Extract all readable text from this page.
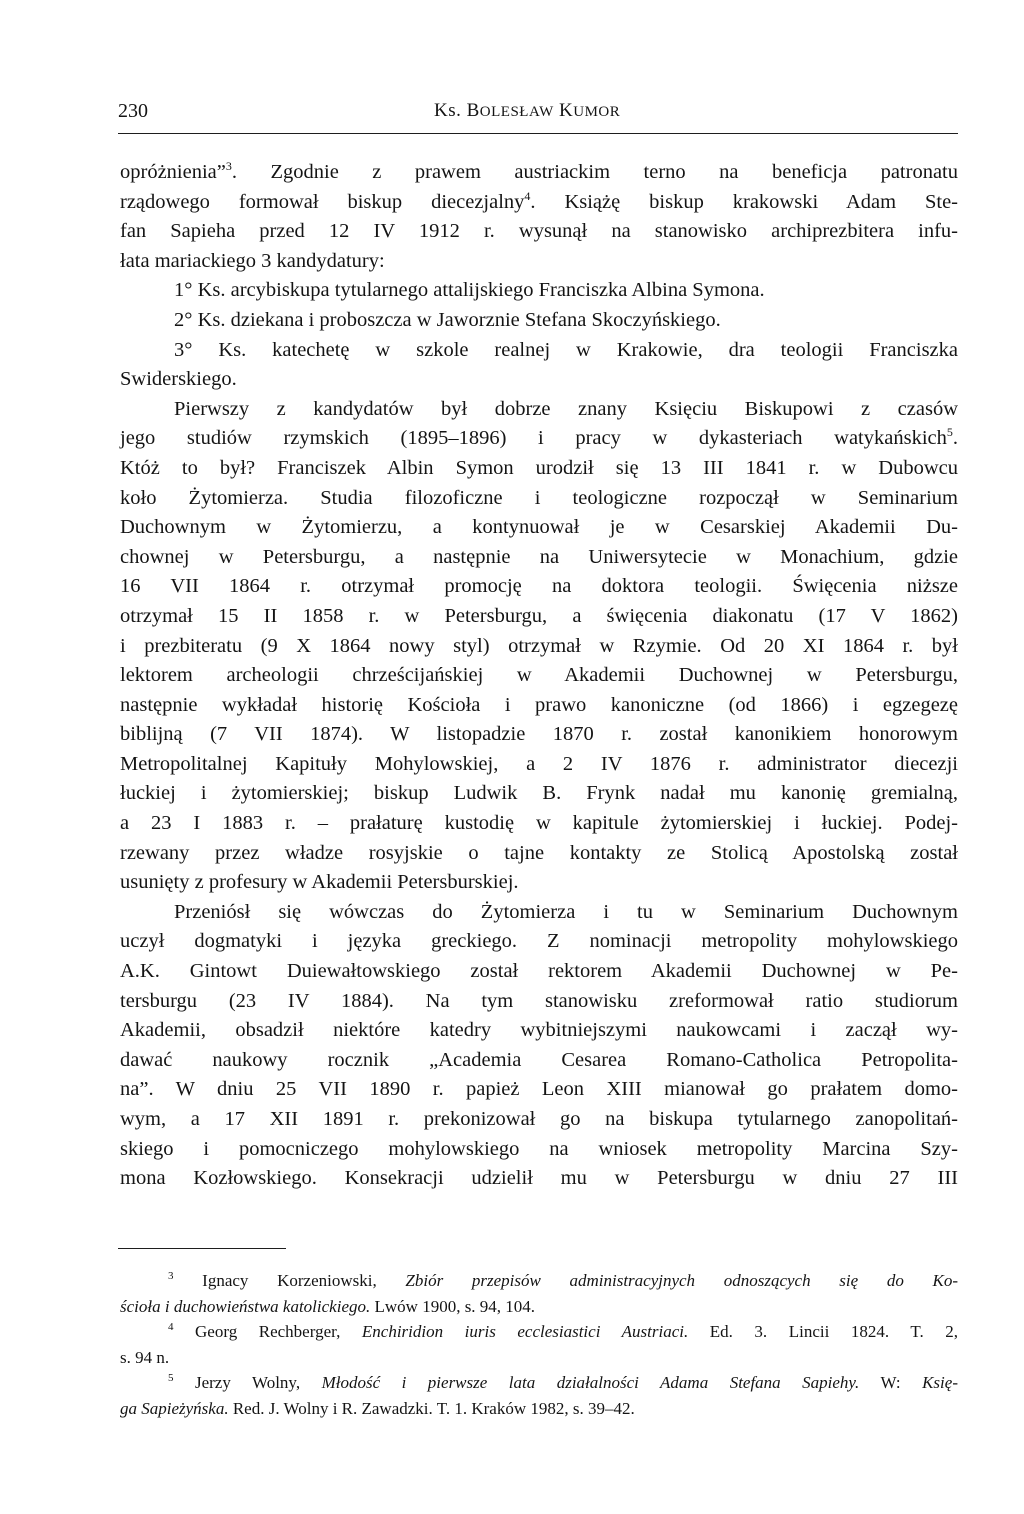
230	Ks. BOLESŁAW KUMOR
opróżnienia”$^3$. Zgodnie z prawem austriackim terno na beneficja patronatu
rządowego formował biskup diecezjalny$^4$. Książę biskup krakowski Adam Ste-
fan Sapieha przed 12 IV 1912 r. wysunął na stanowisko archiprezbitera infu-
łata mariackiego 3 kandydatury:
1° Ks. arcybiskupa tytularnego attalijskiego Franciszka Albina Symona.
2° Ks. dziekana i proboszcza w Jaworznie Stefana Skoczyńskiego.
3° Ks. katechetę w szkole realnej w Krakowie, dra teologii Franciszka
Swiderskiego.
Pierwszy z kandydatów był dobrze znany Księciu Biskupowi z czasów
jego studiów rzymskich (1895–1896) i pracy w dykasteriach watykańskich$^5$.
Któż to był? Franciszek Albin Symon urodził się 13 III 1841 r. w Dubowcu
koło Żytomierza. Studia filozoficzne i teologiczne rozpoczął w Seminarium
Duchownym w Żytomierzu, a kontynuował je w Cesarskiej Akademii Du-
chownej w Petersburgu, a następnie na Uniwersytecie w Monachium, gdzie
16 VII 1864 r. otrzymał promocję na doktora teologii. Święcenia niższe
otrzymał 15 II 1858 r. w Petersburgu, a święcenia diakonatu (17 V 1862)
i prezbiteratu (9 X 1864 nowy styl) otrzymał w Rzymie. Od 20 XI 1864 r. był
lektorem archeologii chrześcijańskiej w Akademii Duchownej w Petersburgu,
następnie wykładał historię Kościoła i prawo kanoniczne (od 1866) i egzegezę
biblijną (7 VII 1874). W listopadzie 1870 r. został kanonikiem honorowym
Metropolitalnej Kapituły Mohylowskiej, a 2 IV 1876 r. administrator diecezji
łuckiej i żytomierskiej; biskup Ludwik B. Frynk nadał mu kanonię gremialną,
a 23 I 1883 r. – prałaturę kustodię w kapitule żytomierskiej i łuckiej. Podej-
rzewany przez władze rosyjskie o tajne kontakty ze Stolicą Apostolską został
usunięty z profesury w Akademii Petersburskiej.
Przeniósł się wówczas do Żytomierza i tu w Seminarium Duchownym
uczył dogmatyki i języka greckiego. Z nominacji metropolity mohylowskiego
A.K. Gintowt Duiewałtowskiego został rektorem Akademii Duchownej w Pe-
tersburgu (23 IV 1884). Na tym stanowisku zreformował ratio studiorum
Akademii, obsadził niektóre katedry wybitniejszymi naukowcami i zaczął wy-
dawać naukowy rocznik „Academia Cesarea Romano-Catholica Petropolita-
na”. W dniu 25 VII 1890 r. papież Leon XIII mianował go prałatem domo-
wym, a 17 XII 1891 r. prekonizował go na biskupa tytularnego zanopolitań-
skiego i pomocniczego mohylowskiego na wniosek metropolity Marcina Szy-
mona Kozłowskiego. Konsekracji udzielił mu w Petersburgu w dniu 27 III
$^3$ Ignacy Korzeniowski, Zbiór przepisów administracyjnych odnoszących się do Ko-
ścioła i duchowieństwa katolickiego. Lwów 1900, s. 94, 104.
$^4$ Georg Rechberger, Enchiridion iuris ecclesiastici Austriaci. Ed. 3. Lincii 1824. T. 2,
s. 94 n.
$^5$ Jerzy Wolny, Młodość i pierwsze lata działalności Adama Stefana Sapiehy. W: Księ-
ga Sapieżyńska. Red. J. Wolny i R. Zawadzki. T. 1. Kraków 1982, s. 39–42.
